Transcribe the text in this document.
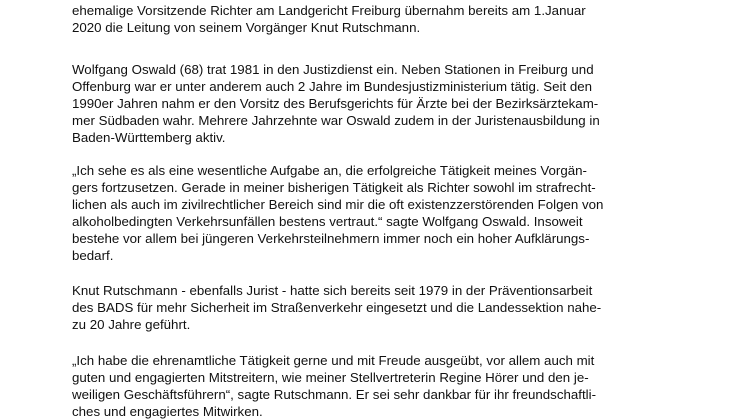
ehemalige Vorsitzende Richter am Landgericht Freiburg übernahm bereits am 1.Januar

2020 die Leitung von seinem Vorgänger Knut Rutschmann.

Wolfgang Oswald (68) trat 1981 in den Justizdienst ein. Neben Stationen in Freiburg und

Offenburg war er unter anderem auch 2 Jahre im Bundesjustizministerium tätig. Seit den

1990er Jahren nahm er den Vorsitz des Berufsgerichts für Ärzte bei der Bezirksärztekam-

mer Südbaden wahr. Mehrere Jahrzehnte war Oswald zudem in der Juristenausbildung in

Baden-Württemberg aktiv.

„Ich sehe es als eine wesentliche Aufgabe an, die erfolgreiche Tätigkeit meines Vorgän-

gers fortzusetzen. Gerade in meiner bisherigen Tätigkeit als Richter sowohl im strafrecht-

lichen als auch im zivilrechtlicher Bereich sind mir die oft existenzzerstörenden Folgen von

alkoholbedingten Verkehrsunfällen bestens vertraut.“ sagte Wolfgang Oswald. Insoweit

bestehe vor allem bei jüngeren Verkehrsteilnehmern immer noch ein hoher Aufklärungs-

bedarf.

Knut Rutschmann - ebenfalls Jurist - hatte sich bereits seit 1979 in der Präventionsarbeit

des BADS für mehr Sicherheit im Straßenverkehr eingesetzt und die Landessektion nahe-

zu 20 Jahre geführt.

„Ich habe die ehrenamtliche Tätigkeit gerne und mit Freude ausgeübt, vor allem auch mit

guten und engagierten Mitstreitern, wie meiner Stellvertreterin Regine Hörer und den je-

weiligen Geschäftsführern“, sagte Rutschmann. Er sei sehr dankbar für ihr freundschaftli-

ches und engagiertes Mitwirken.
